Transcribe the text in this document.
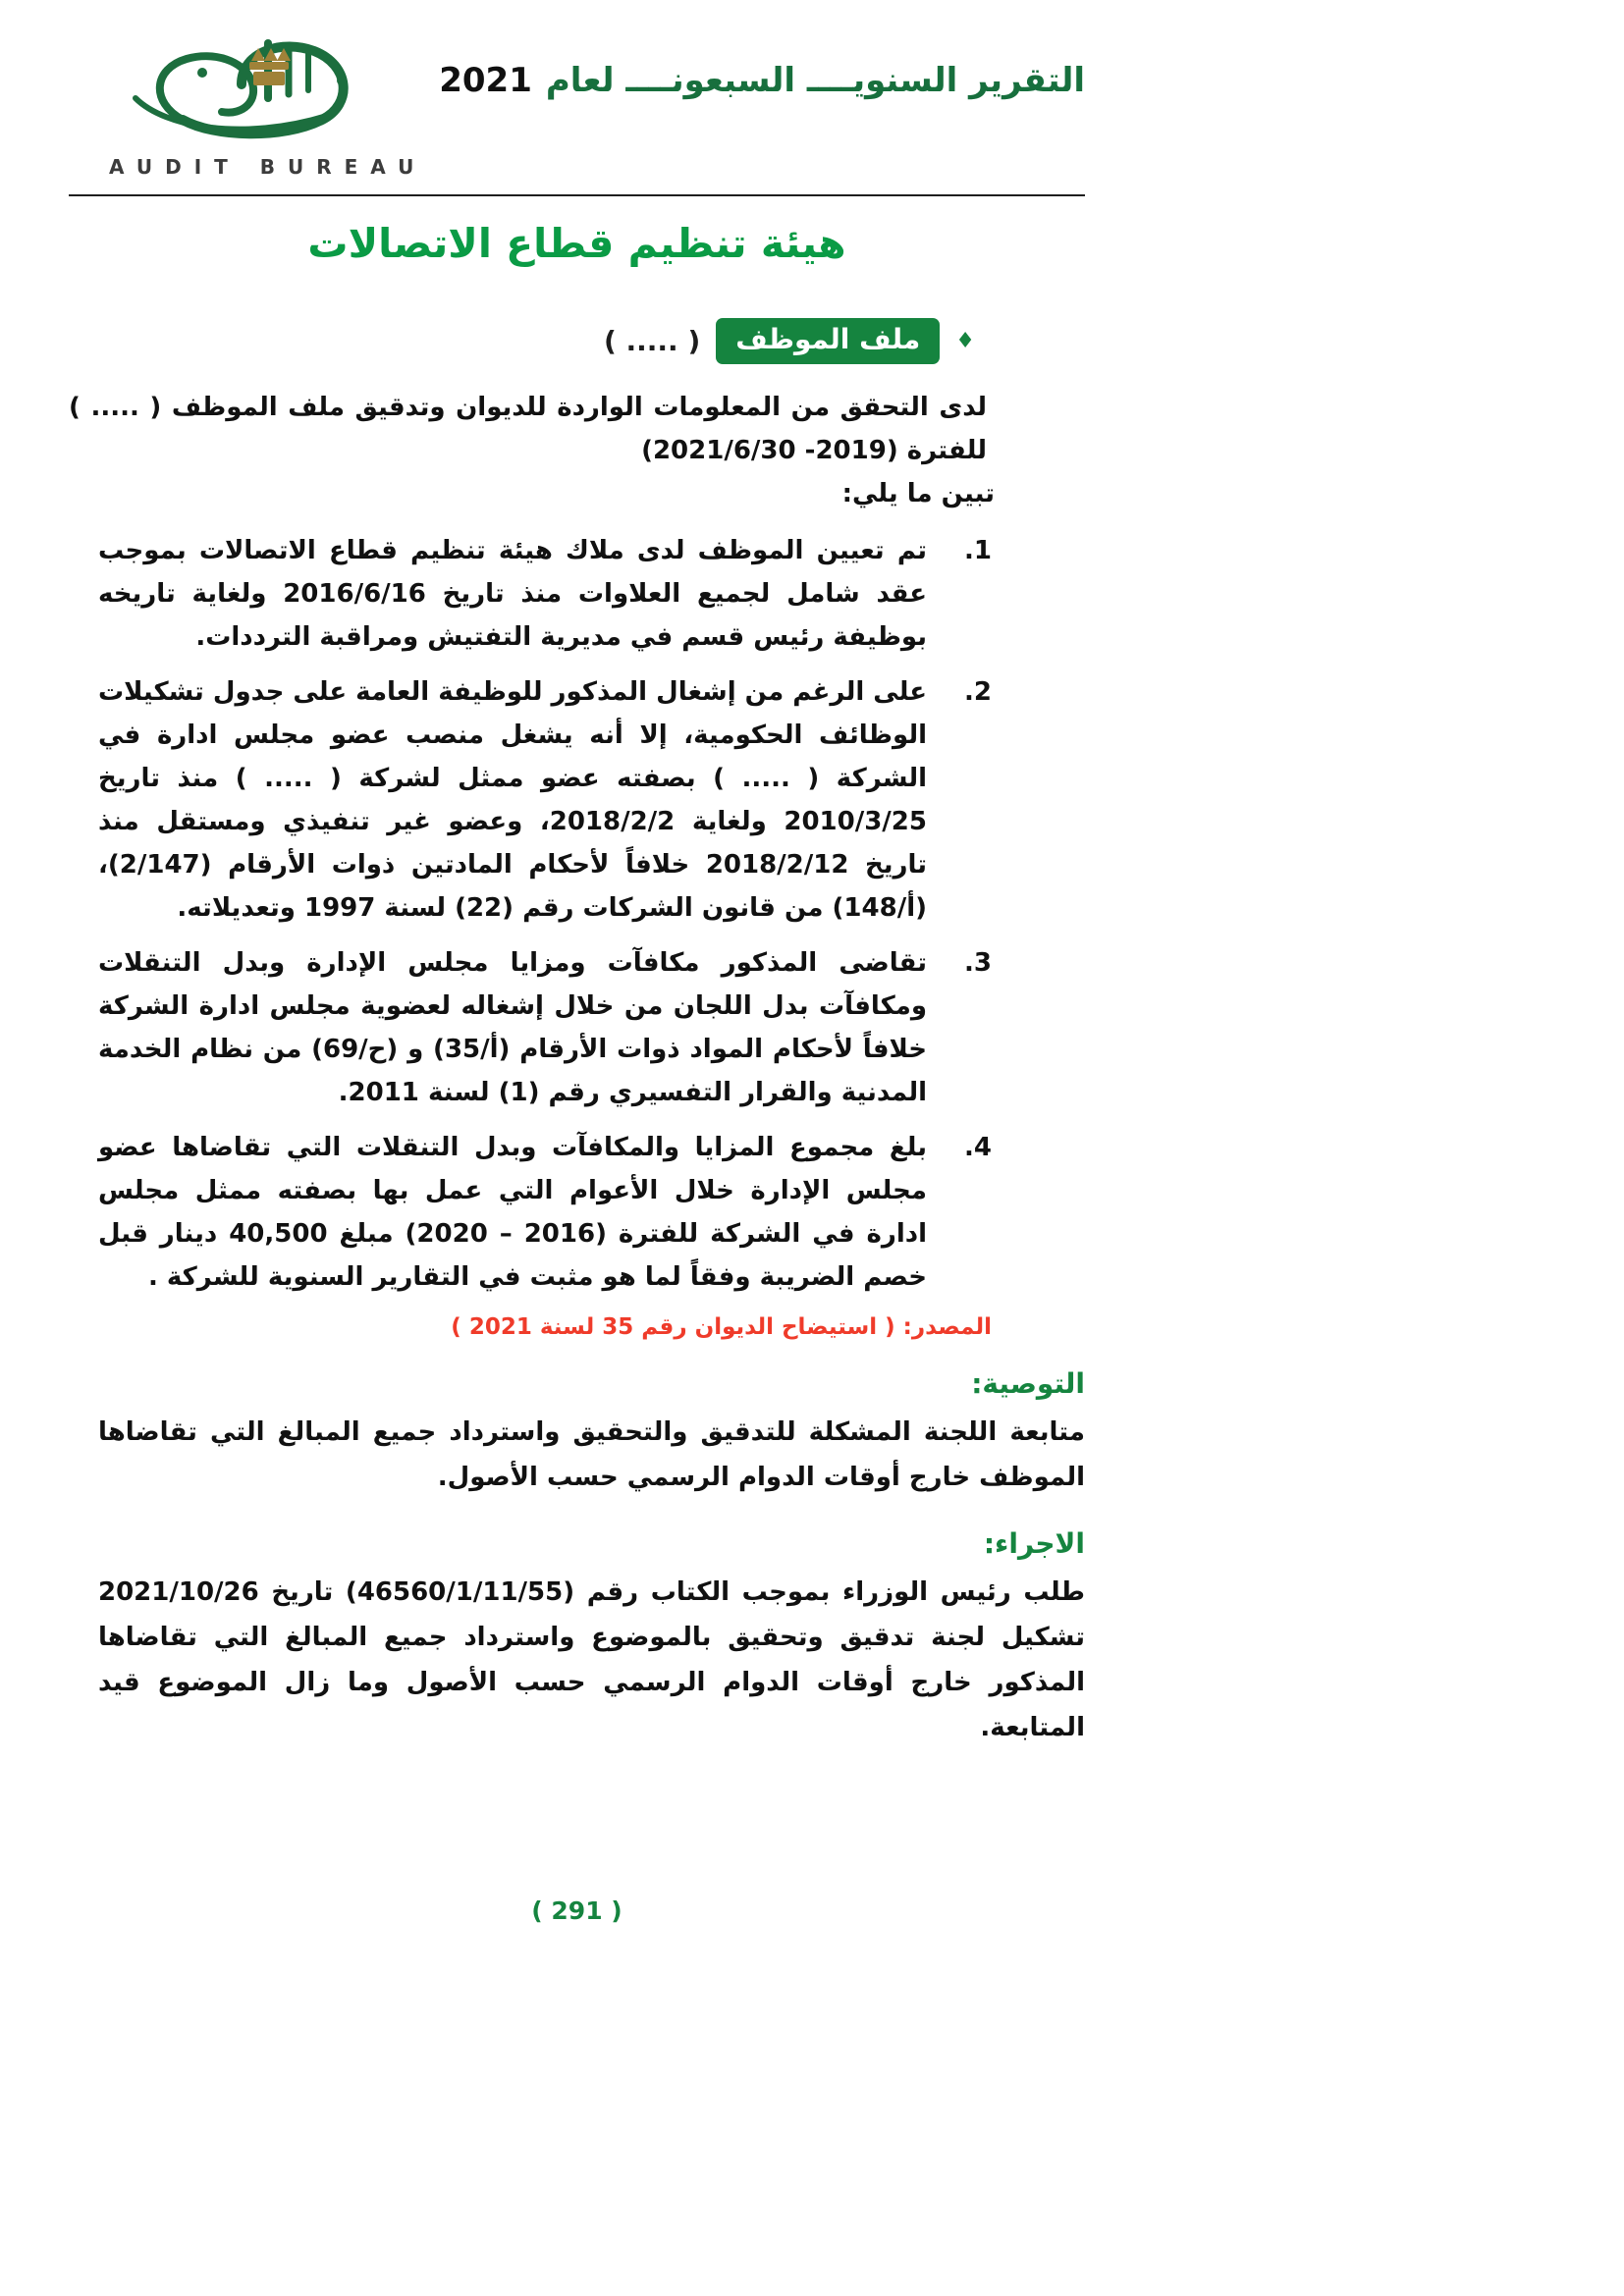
AUDIT BUREAU
التقرير السنويــــ السبعونــــ لعام
2021
هيئة تنظيم قطاع الاتصالات
♦
ملف الموظف
( ..... )

لدى التحقق من المعلومات الواردة للديوان وتدقيق ملف الموظف ( ..... ) للفترة (2019- 2021/6/30)
تبين ما يلي:

1.
تم تعيين الموظف لدى ملاك هيئة تنظيم قطاع الاتصالات بموجب عقد شامل لجميع العلاوات منذ تاريخ 2016/6/16 ولغاية تاريخه بوظيفة رئيس قسم في مديرية التفتيش ومراقبة الترددات.
2.
على الرغم من إشغال المذكور للوظيفة العامة على جدول تشكيلات الوظائف الحكومية، إلا أنه يشغل منصب عضو مجلس ادارة في الشركة ( ..... ) بصفته عضو ممثل لشركة ( ..... ) منذ تاريخ 2010/3/25 ولغاية 2018/2/2، وعضو غير تنفيذي ومستقل منذ تاريخ 2018/2/12 خلافاً لأحكام المادتين ذوات الأرقام (2/147)، (أ/148) من قانون الشركات رقم (22) لسنة 1997 وتعديلاته.
3.
تقاضى المذكور مكافآت ومزايا مجلس الإدارة وبدل التنقلات ومكافآت بدل اللجان من خلال إشغاله لعضوية مجلس ادارة الشركة خلافاً لأحكام المواد ذوات الأرقام (أ/35) و (ح/69) من نظام الخدمة المدنية والقرار التفسيري رقم (1) لسنة 2011.
4.
بلغ مجموع المزايا والمكافآت وبدل التنقلات التي تقاضاها عضو مجلس الإدارة خلال الأعوام التي عمل بها بصفته ممثل مجلس ادارة في الشركة للفترة (2016 – 2020) مبلغ 40,500 دينار قبل خصم الضريبة وفقاً لما هو مثبت في التقارير السنوية للشركة .
المصدر: ( استيضاح الديوان رقم 35 لسنة 2021 )
التوصية:

متابعة اللجنة المشكلة للتدقيق والتحقيق واسترداد جميع المبالغ التي تقاضاها الموظف خارج أوقات الدوام الرسمي حسب الأصول.

الاجراء:

طلب رئيس الوزراء بموجب الكتاب رقم (46560/1/11/55) تاريخ 2021/10/26 تشكيل لجنة تدقيق وتحقيق بالموضوع واسترداد جميع المبالغ التي تقاضاها المذكور خارج أوقات الدوام الرسمي حسب الأصول وما زال الموضوع قيد المتابعة.

( 291 )
